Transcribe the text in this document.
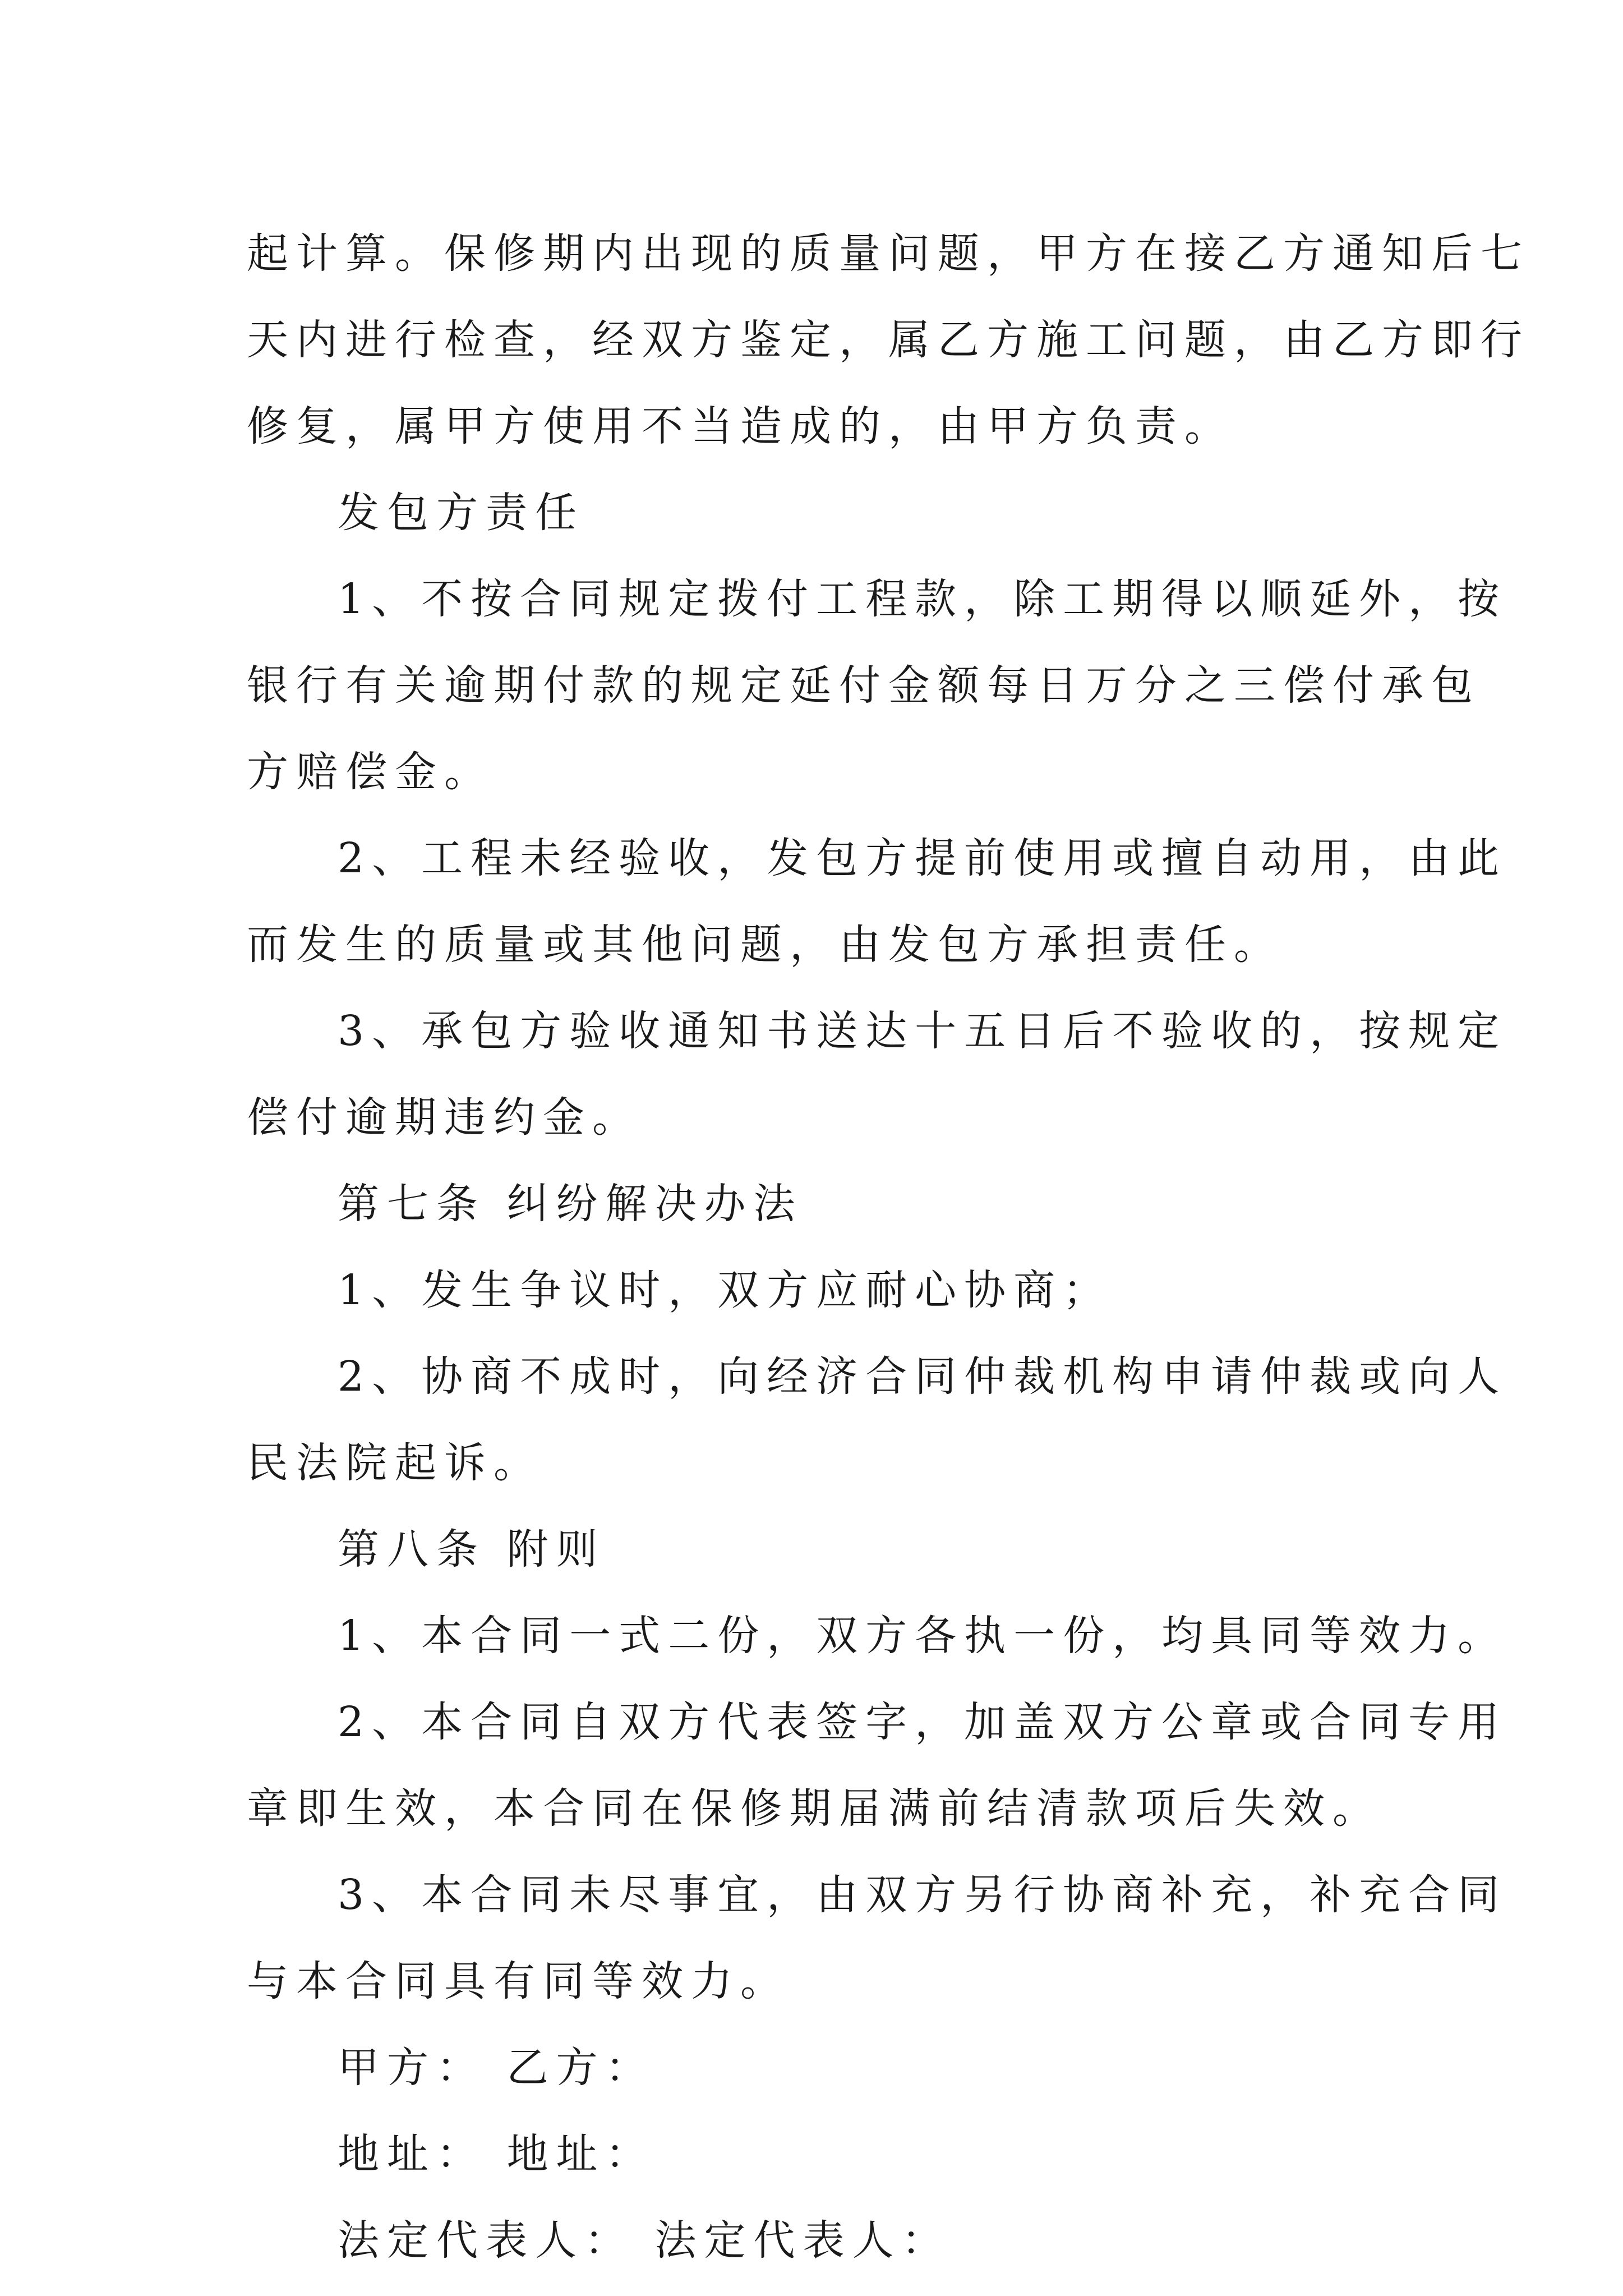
起计算。保修期内出现的质量问题，甲方在接乙方通知后七
天内进行检查，经双方鉴定，属乙方施工问题，由乙方即行
修复，属甲方使用不当造成的，由甲方负责。
发包方责任
1、不按合同规定拨付工程款，除工期得以顺延外，按
银行有关逾期付款的规定延付金额每日万分之三偿付承包
方赔偿金。
2、工程未经验收，发包方提前使用或擅自动用，由此
而发生的质量或其他问题，由发包方承担责任。
3、承包方验收通知书送达十五日后不验收的，按规定
偿付逾期违约金。
第七条 纠纷解决办法
1、发生争议时，双方应耐心协商；
2、协商不成时，向经济合同仲裁机构申请仲裁或向人
民法院起诉。
第八条 附则
1、本合同一式二份，双方各执一份，均具同等效力。
2、本合同自双方代表签字，加盖双方公章或合同专用
章即生效，本合同在保修期届满前结清款项后失效。
3、本合同未尽事宜，由双方另行协商补充，补充合同
与本合同具有同等效力。
甲方： 乙方：
地址： 地址：
法定代表人： 法定代表人：
